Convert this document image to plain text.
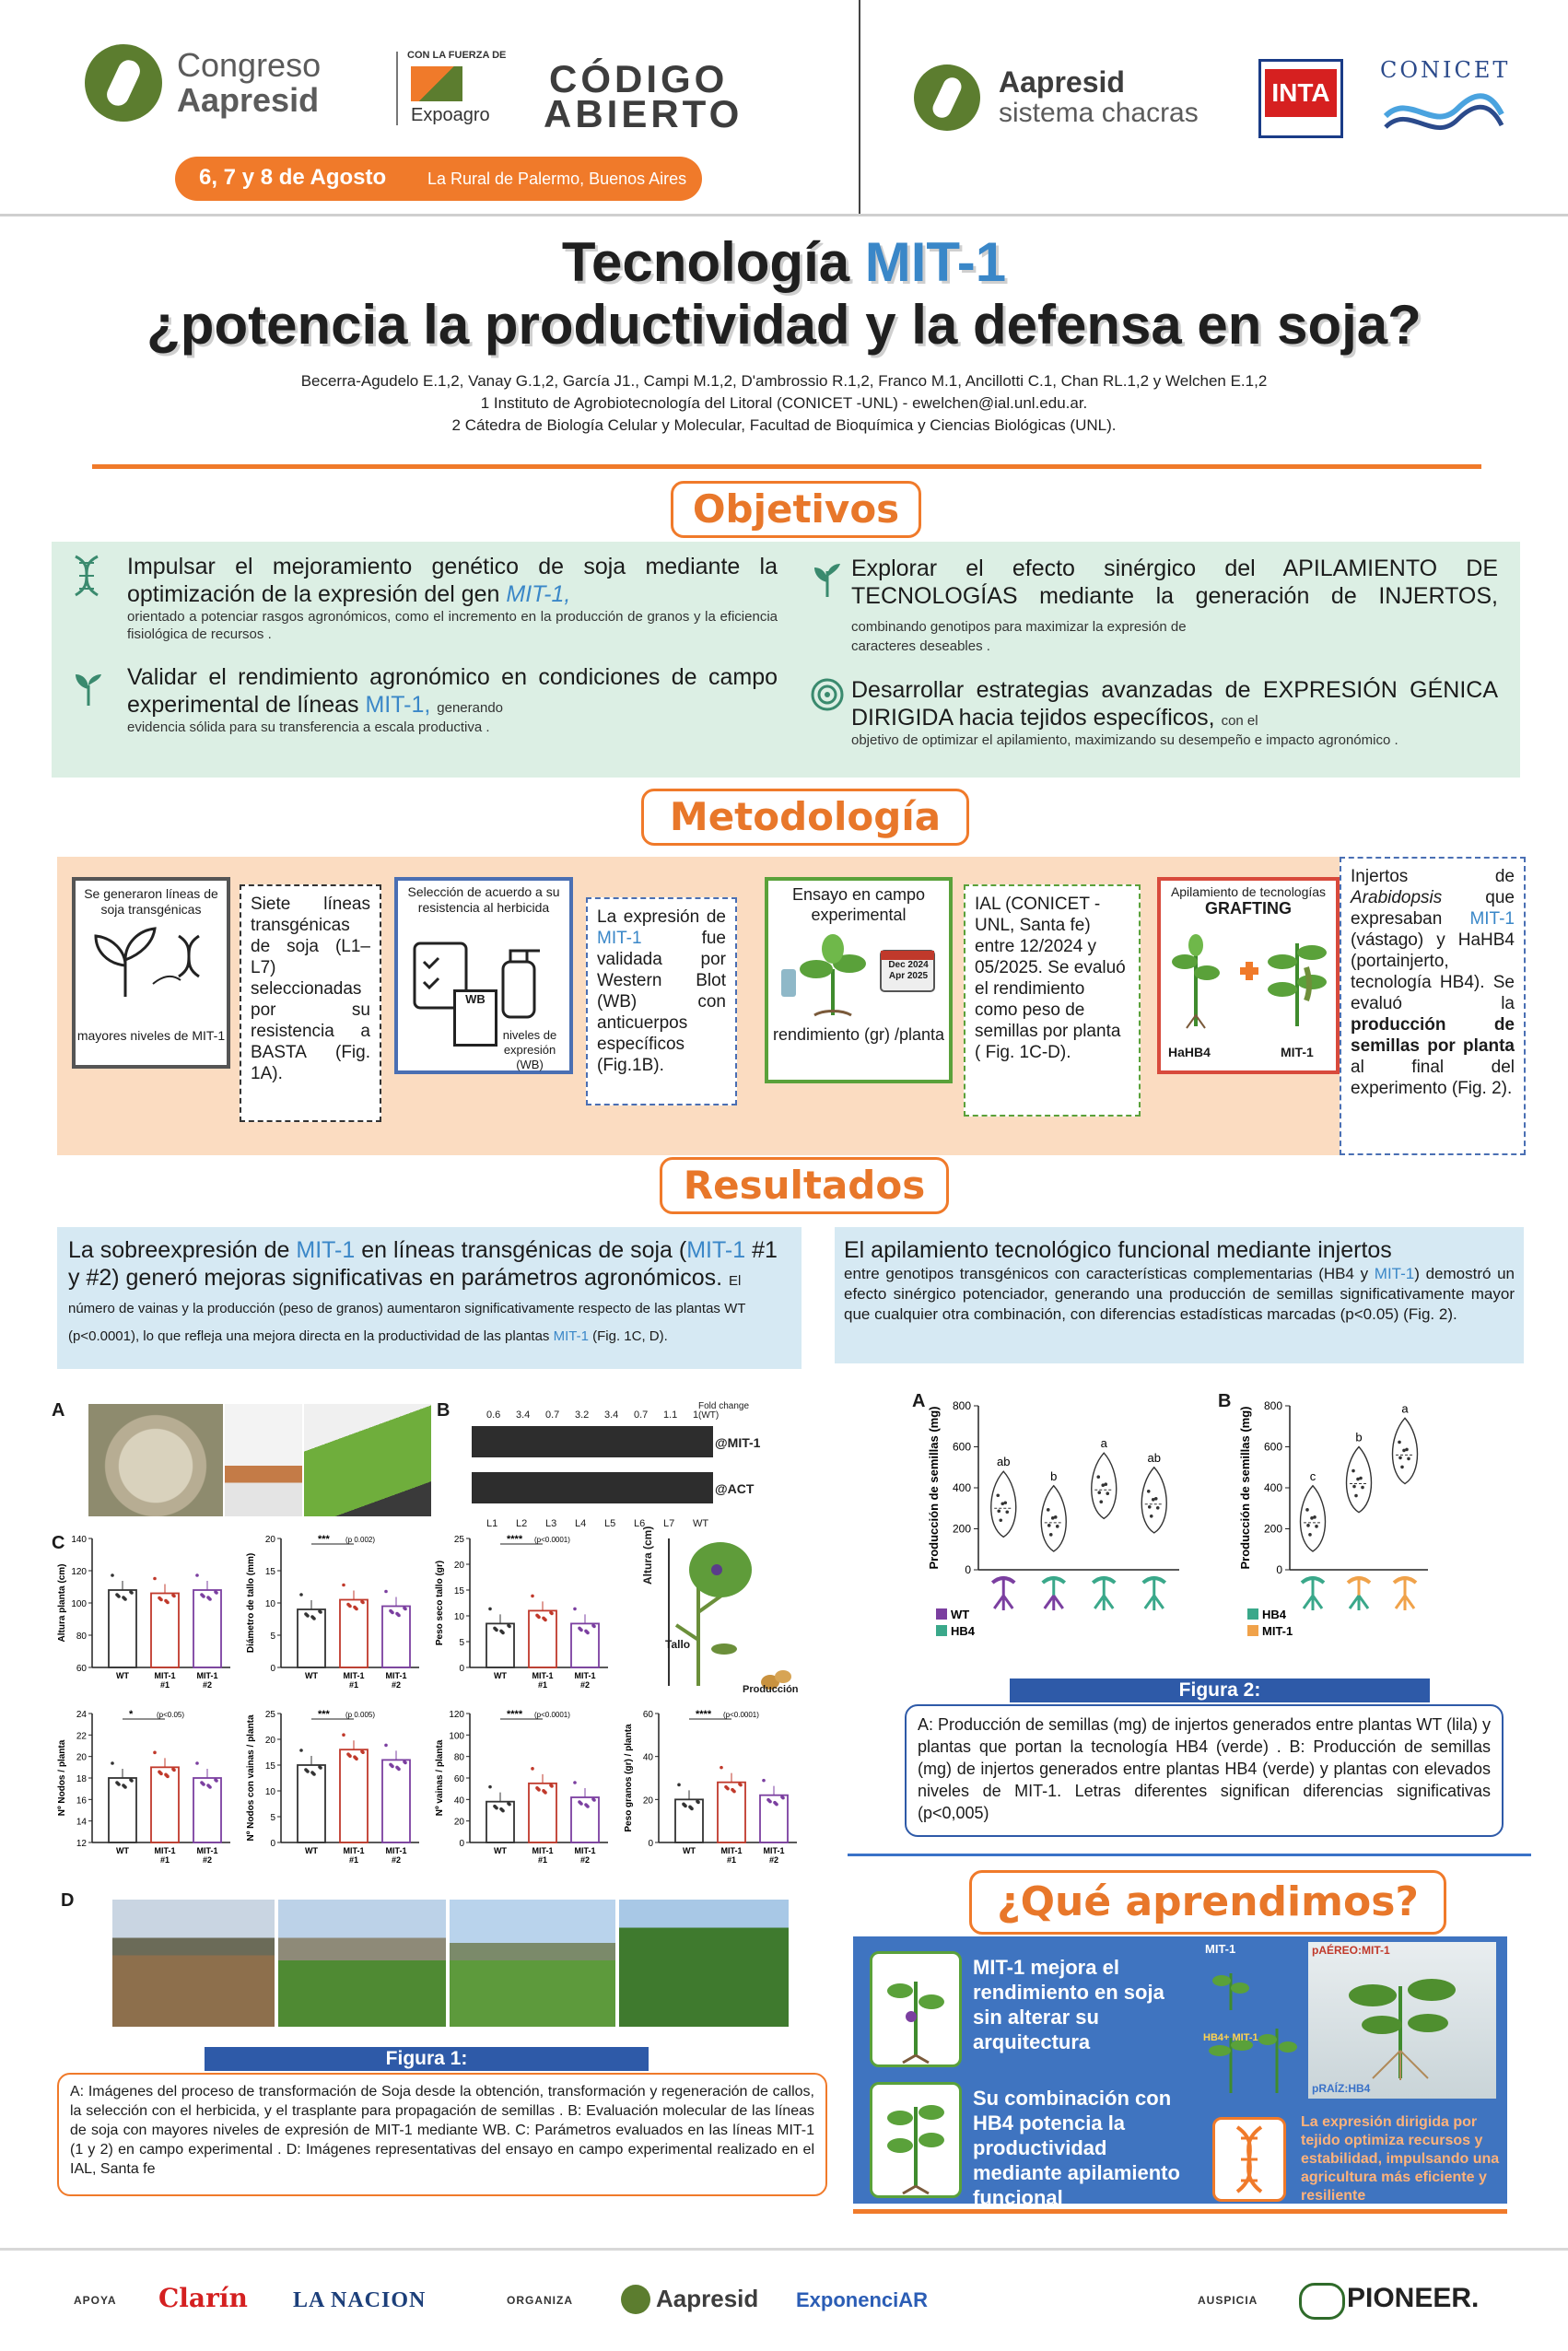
Congreso
Aapresid
CON LA FUERZA DE
Expoagro
CÓDIGO
ABIERTO
6, 7 y 8 de Agosto La Rural de Palermo, Buenos Aires
Aapresid
sistema chacras
INTA
CONICET
Tecnología MIT-1
¿potencia la productividad y la defensa en soja?
Becerra-Agudelo E.1,2, Vanay G.1,2, García J1., Campi M.1,2, D'ambrossio R.1,2, Franco M.1, Ancillotti C.1, Chan RL.1,2 y Welchen E.1,2
1 Instituto de Agrobiotecnología del Litoral (CONICET -UNL) - ewelchen@ial.unl.edu.ar.
2 Cátedra de Biología Celular y Molecular, Facultad de Bioquímica y Ciencias Biológicas (UNL).
Objetivos
Impulsar el mejoramiento genético de soja mediante la optimización de la expresión del gen MIT-1,
orientado a potenciar rasgos agronómicos, como el incremento en la producción de granos y la eficiencia fisiológica de recursos .
Validar el rendimiento agronómico en condiciones de campo experimental de líneas MIT-1, generando
evidencia sólida para su transferencia a escala productiva .
Explorar el efecto sinérgico del APILAMIENTO DE TECNOLOGÍAS mediante la generación de INJERTOS, combinando genotipos para maximizar la expresión de
caracteres deseables .
Desarrollar estrategias avanzadas de EXPRESIÓN GÉNICA DIRIGIDA hacia tejidos específicos, con el
objetivo de optimizar el apilamiento, maximizando su desempeño e impacto agronómico .
Metodología
Se generaron líneas de soja transgénicas
mayores niveles de MIT-1
Siete líneas transgénicas de soja (L1–L7) seleccionadas por su resistencia a BASTA (Fig. 1A).
Selección de acuerdo a su resistencia al herbicida
WB
niveles de expresión (WB)
La expresión de MIT-1 fue validada por Western Blot (WB) con anticuerpos específicos (Fig.1B).
Ensayo en campo experimental
Dec 2024 Apr 2025
rendimiento (gr) /planta
IAL (CONICET - UNL, Santa fe) entre 12/2024 y 05/2025. Se evaluó el rendimiento como peso de semillas por planta ( Fig. 1C-D).
Apilamiento de tecnologías
GRAFTING
HaHB4	MIT-1
Injertos de Arabidopsis que expresaban MIT-1 (vástago) y HaHB4 (portainjerto, tecnología HB4). Se evaluó la producción de semillas por planta al final del experimento (Fig. 2).
Resultados
La sobreexpresión de MIT-1 en líneas transgénicas de soja (MIT-1 #1 y #2) generó mejoras significativas en parámetros agronómicos. El número de vainas y la producción (peso de granos) aumentaron significativamente respecto de las plantas WT (p<0.0001), lo que refleja una mejora directa en la productividad de las plantas MIT-1 (Fig. 1C, D).
El apilamiento tecnológico funcional mediante injertos
entre genotipos transgénicos con características complementarias (HB4 y MIT-1) demostró un efecto sinérgico potenciador, generando una producción de semillas significativamente mayor que cualquier otra combinación, con diferencias estadísticas marcadas (p<0.05) (Fig. 2).
A	B	0.6 3.4 0.7 3.2 3.4 0.7 1.1 1
Fold change (WT)
@MIT-1
@ACT
L1 L2 L3 L4 L5 L6 L7 WT
Altura (cm)
Tallo
Producción
C
60
80
100
120
140
Altura planta (cm)
WT	MIT-1
#1
MIT-1
#2
0
5
10
15
20
Diámetro de tallo (mm)
WT	MIT-1
#1
MIT-1
#2
*** (p 0.002)
0
5
10
15
20
25
Peso seco tallo (gr)
WT	MIT-1
#1
MIT-1
#2
**** (p<0.0001)
12
14
16
18
20
22
24
Nº Nodos / planta
WT	MIT-1
#1
MIT-1
#2
*	(p<0.05)
0
5
10
15
20
25
Nº Nodos con vainas / planta
WT	MIT-1
#1
MIT-1
#2
*** (p 0.005)
0
20
40
60
80
100
120
Nº vainas / planta
WT	MIT-1
#1
MIT-1
#2
**** (p<0.0001)
0
20
40
60
Peso granos (gr) / planta
WT	MIT-1
#1
MIT-1
#2
**** (p<0.0001)
D
Figura 1:
A: Imágenes del proceso de transformación de Soja desde la obtención, transformación y regeneración de callos, la selección con el herbicida, y el trasplante para propagación de semillas . B: Evaluación molecular de las líneas de soja con mayores niveles de expresión de MIT-1 mediante WB. C: Parámetros evaluados en las líneas MIT-1 (1 y 2) en campo experimental . D: Imágenes representativas del ensayo en campo experimental realizado en el IAL, Santa fe
A	B
0
200
400
600
800
Producción de semillas (mg)	ab
b
a
ab
WT
HB4
0
200
400
600
800
Producción de semillas (mg)	c
b
a
HB4
MIT-1
Figura 2:
A: Producción de semillas (mg) de injertos generados entre plantas WT (lila) y plantas que portan la tecnología HB4 (verde) . B: Producción de semillas (mg) de injertos generados entre plantas HB4 (verde) y plantas con elevados niveles de MIT-1. Letras diferentes significan diferencias significativas (p<0,005)
¿Qué aprendimos?
MIT-1 mejora el rendimiento en soja sin alterar su arquitectura
Su combinación con HB4 potencia la productividad mediante apilamiento funcional
MIT-1
HB4+ MIT-1
pAÉREO:MIT-1
pRAÍZ:HB4
La expresión dirigida por tejido optimiza recursos y estabilidad, impulsando una agricultura más eficiente y resiliente
APOYA Clarín LA NACION	ORGANIZA	Aapresid ExponenciAR	AUSPICIA	PIONEER.
